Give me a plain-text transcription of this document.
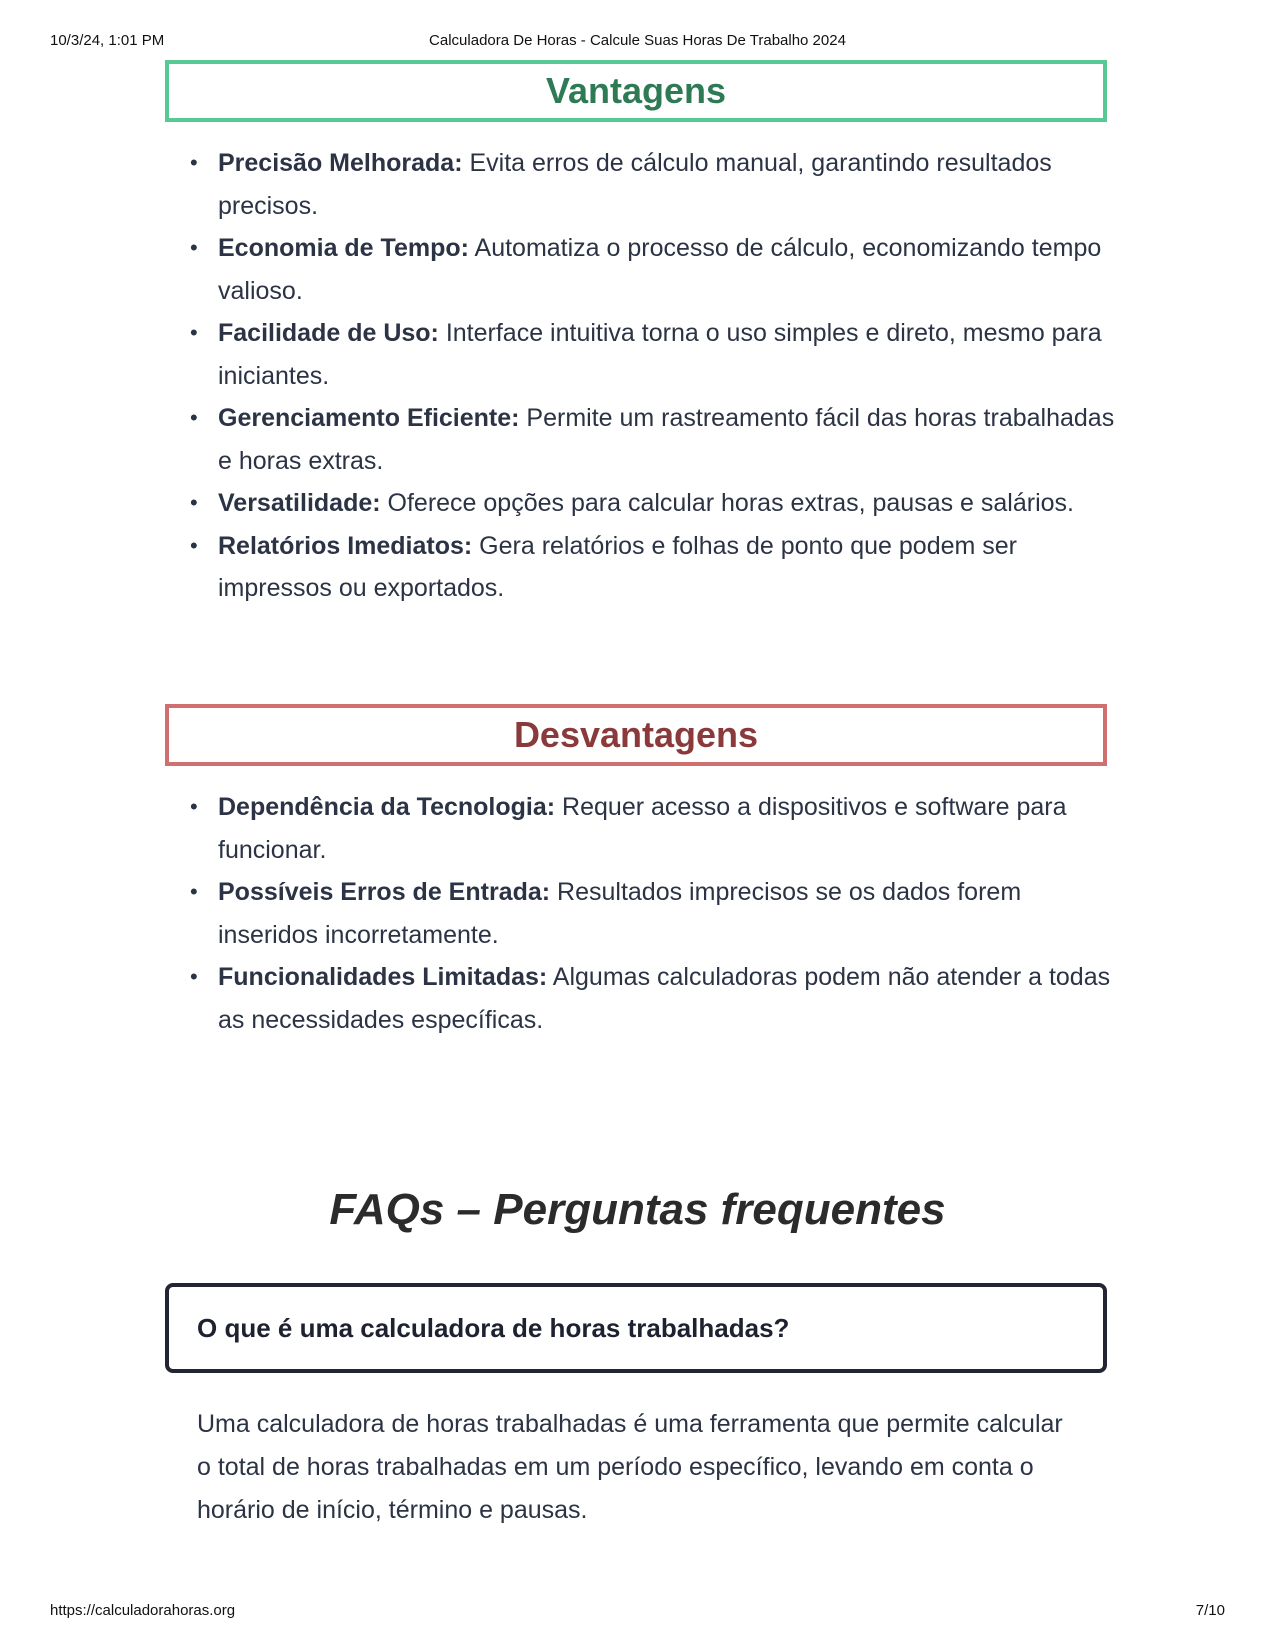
10/3/24, 1:01 PM	Calculadora De Horas - Calcule Suas Horas De Trabalho 2024
Vantagens
• Precisão Melhorada: Evita erros de cálculo manual, garantindo resultados precisos.
• Economia de Tempo: Automatiza o processo de cálculo, economizando tempo valioso.
• Facilidade de Uso: Interface intuitiva torna o uso simples e direto, mesmo para iniciantes.
• Gerenciamento Eficiente: Permite um rastreamento fácil das horas trabalhadas e horas extras.
• Versatilidade: Oferece opções para calcular horas extras, pausas e salários.
• Relatórios Imediatos: Gera relatórios e folhas de ponto que podem ser impressos ou exportados.
Desvantagens
• Dependência da Tecnologia: Requer acesso a dispositivos e software para funcionar.
• Possíveis Erros de Entrada: Resultados imprecisos se os dados forem inseridos incorretamente.
• Funcionalidades Limitadas: Algumas calculadoras podem não atender a todas as necessidades específicas.
FAQs – Perguntas frequentes
O que é uma calculadora de horas trabalhadas?
Uma calculadora de horas trabalhadas é uma ferramenta que permite calcular o total de horas trabalhadas em um período específico, levando em conta o horário de início, término e pausas.
https://calculadorahoras.org	7/10
